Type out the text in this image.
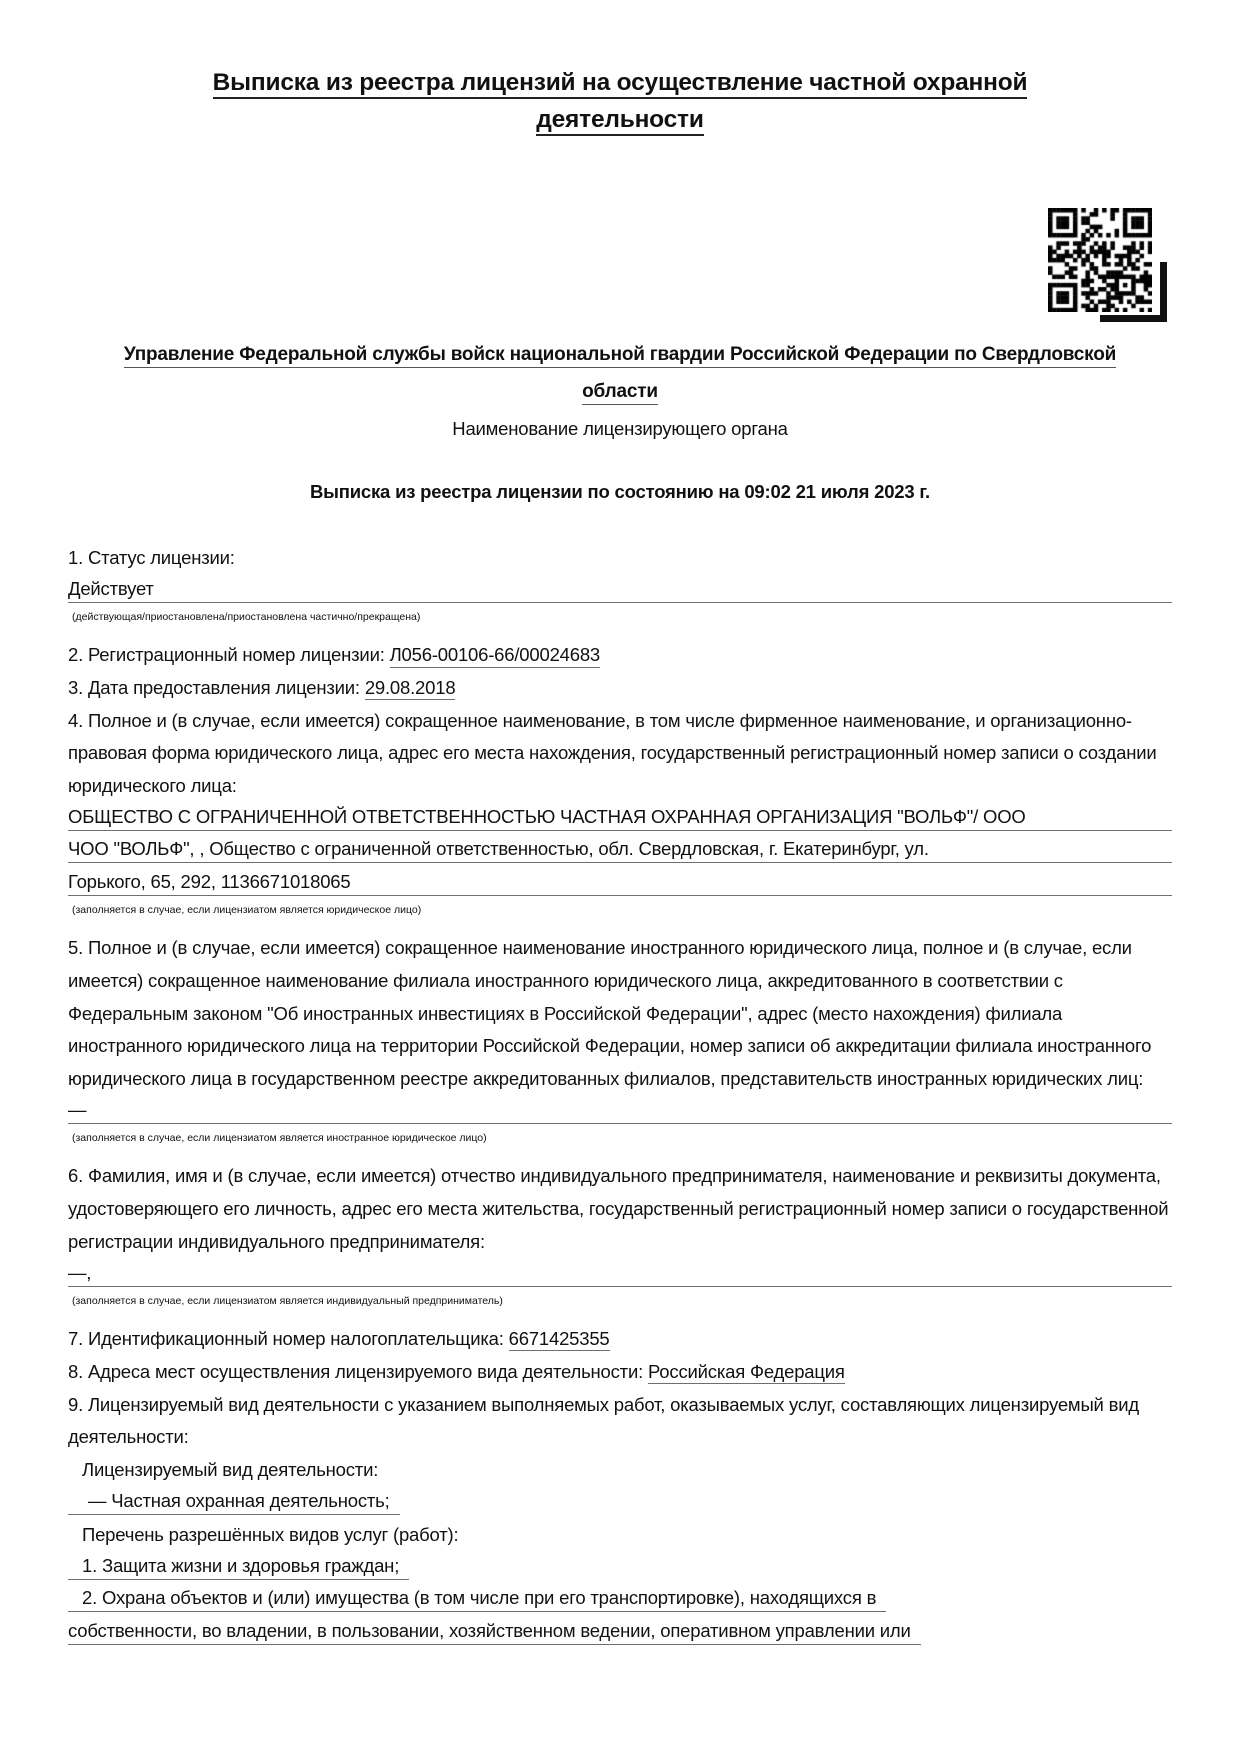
Выписка из реестра лицензий на осуществление частной охранной
деятельности
Управление Федеральной службы войск национальной гвардии Российской Федерации по Свердловской
области
Наименование лицензирующего органа
Выписка из реестра лицензии по состоянию на 09:02 21 июля 2023 г.
1. Статус лицензии:
Действует
(действующая/приостановлена/приостановлена частично/прекращена)
2. Регистрационный номер лицензии: Л056-00106-66/00024683
3. Дата предоставления лицензии: 29.08.2018
4. Полное и (в случае, если имеется) сокращенное наименование, в том числе фирменное наименование, и организационно-правовая форма юридического лица, адрес его места нахождения, государственный регистрационный номер записи о создании юридического лица:
ОБЩЕСТВО С ОГРАНИЧЕННОЙ ОТВЕТСТВЕННОСТЬЮ ЧАСТНАЯ ОХРАННАЯ ОРГАНИЗАЦИЯ "ВОЛЬФ"/ ООО
ЧОО "ВОЛЬФ", , Общество с ограниченной ответственностью, обл. Свердловская, г. Екатеринбург, ул.
Горького, 65, 292, 1136671018065
(заполняется в случае, если лицензиатом является юридическое лицо)
5. Полное и (в случае, если имеется) сокращенное наименование иностранного юридического лица, полное и (в случае, если имеется) сокращенное наименование филиала иностранного юридического лица, аккредитованного в соответствии с Федеральным законом "Об иностранных инвестициях в Российской Федерации", адрес (место нахождения) филиала иностранного юридического лица на территории Российской Федерации, номер записи об аккредитации филиала иностранного юридического лица в государственном реестре аккредитованных филиалов, представительств иностранных юридических лиц:
—
(заполняется в случае, если лицензиатом является иностранное юридическое лицо)
6. Фамилия, имя и (в случае, если имеется) отчество индивидуального предпринимателя, наименование и реквизиты документа, удостоверяющего его личность, адрес его места жительства, государственный регистрационный номер записи о государственной регистрации индивидуального предпринимателя:
—,
(заполняется в случае, если лицензиатом является индивидуальный предприниматель)
7. Идентификационный номер налогоплательщика: 6671425355
8. Адреса мест осуществления лицензируемого вида деятельности: Российская Федерация
9. Лицензируемый вид деятельности с указанием выполняемых работ, оказываемых услуг, составляющих лицензируемый вид деятельности:
Лицензируемый вид деятельности:
— Частная охранная деятельность;
Перечень разрешённых видов услуг (работ):
1. Защита жизни и здоровья граждан;
2. Охрана объектов и (или) имущества (в том числе при его транспортировке), находящихся в
собственности, во владении, в пользовании, хозяйственном ведении, оперативном управлении или
